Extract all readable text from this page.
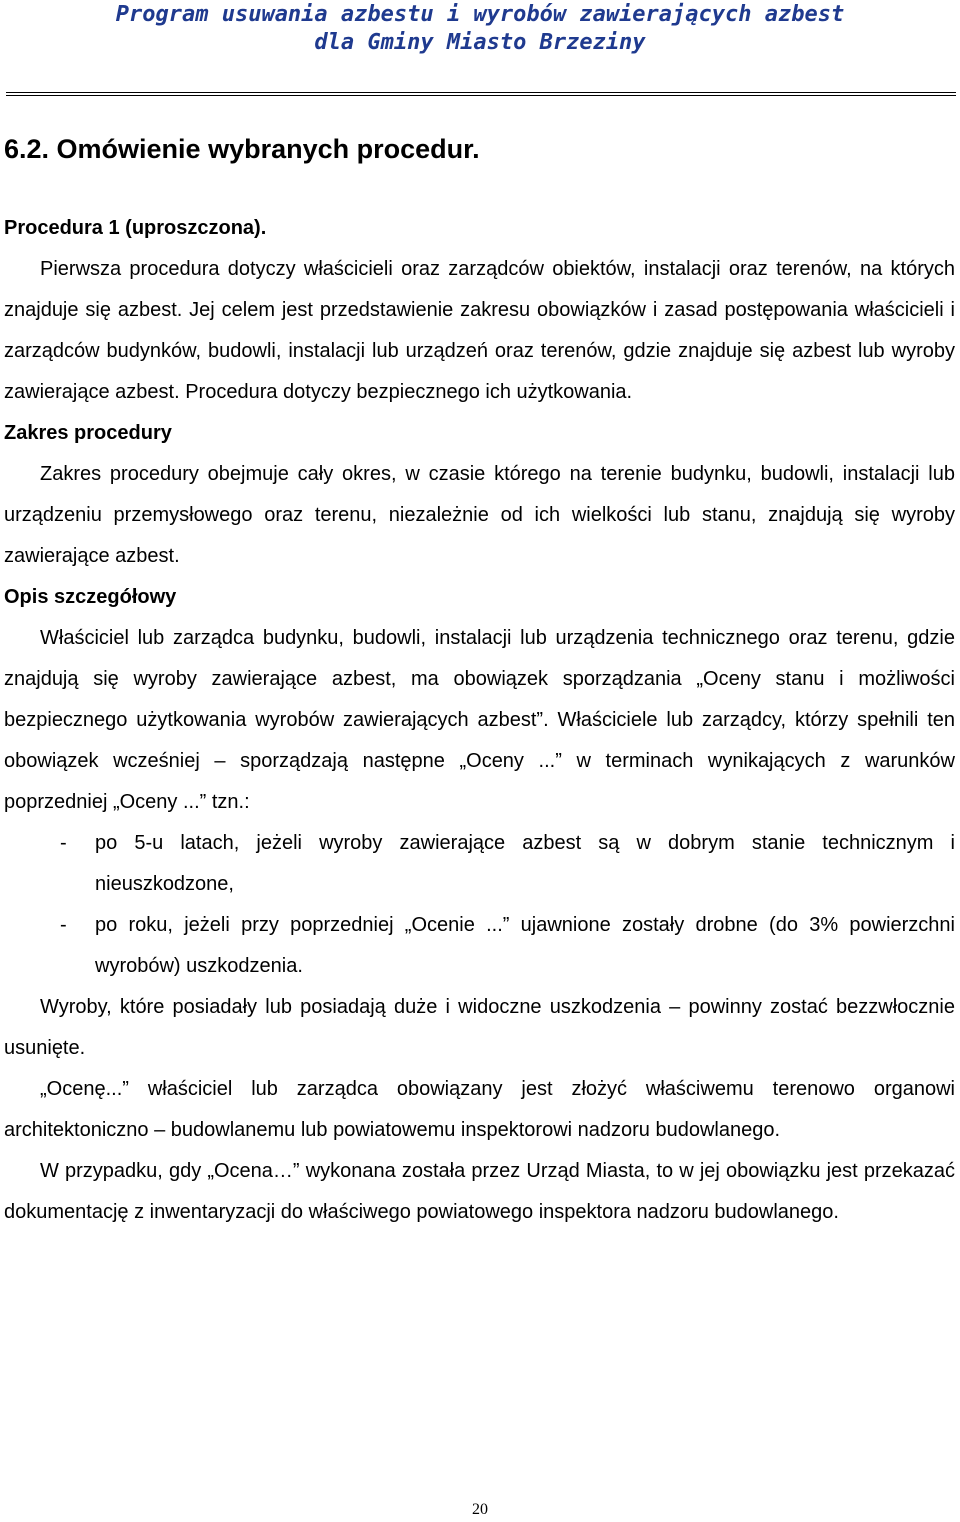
Program usuwania azbestu i wyrobów zawierających azbest
dla Gminy Miasto Brzeziny
6.2. Omówienie wybranych procedur.

Procedura 1 (uproszczona).

Pierwsza procedura dotyczy właścicieli oraz zarządców obiektów, instalacji oraz terenów, na których znajduje się azbest. Jej celem jest przedstawienie zakresu obowiązków i zasad postępowania właścicieli i zarządców budynków, budowli, instalacji lub urządzeń oraz terenów, gdzie znajduje się azbest lub wyroby zawierające azbest. Procedura dotyczy bezpiecznego ich użytkowania.

Zakres procedury

Zakres procedury obejmuje cały okres, w czasie którego na terenie budynku, budowli, instalacji lub urządzeniu przemysłowego oraz terenu, niezależnie od ich wielkości lub stanu, znajdują się wyroby zawierające azbest.

Opis szczegółowy

Właściciel lub zarządca budynku, budowli, instalacji lub urządzenia technicznego oraz terenu, gdzie znajdują się wyroby zawierające azbest, ma obowiązek sporządzania „Oceny stanu i możliwości bezpiecznego użytkowania wyrobów zawierających azbest”. Właściciele lub zarządcy, którzy spełnili ten obowiązek wcześniej – sporządzają następne „Oceny ...” w terminach wynikających z warunków poprzedniej „Oceny ...” tzn.:

- po 5-u latach, jeżeli wyroby zawierające azbest są w dobrym stanie technicznym i nieuszkodzone,
- po roku, jeżeli przy poprzedniej „Ocenie ...” ujawnione zostały drobne (do 3% powierzchni wyrobów) uszkodzenia.

Wyroby, które posiadały lub posiadają duże i widoczne uszkodzenia – powinny zostać bezzwłocznie usunięte.

„Ocenę...” właściciel lub zarządca obowiązany jest złożyć właściwemu terenowo organowi architektoniczno – budowlanemu lub powiatowemu inspektorowi nadzoru budowlanego.

W przypadku, gdy „Ocena…” wykonana została przez Urząd Miasta, to w jej obowiązku jest przekazać dokumentację z inwentaryzacji do właściwego powiatowego inspektora nadzoru budowlanego.

20
